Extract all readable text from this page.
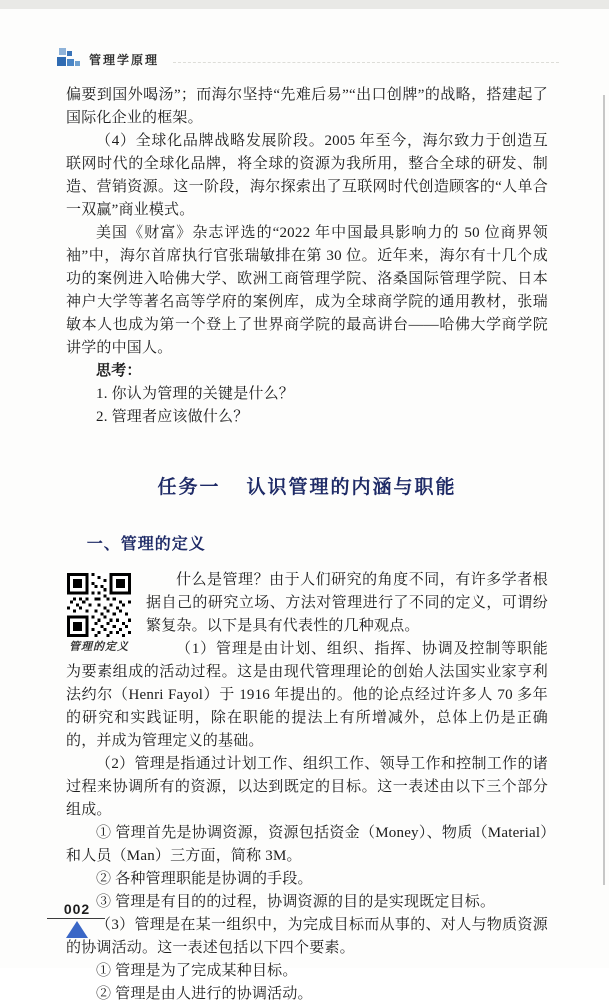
管理学原理

偏要到国外喝汤”；而海尔坚持“先难后易”“出口创牌”的战略，搭建起了国际化企业的框架。

（4）全球化品牌战略发展阶段。2005 年至今，海尔致力于创造互联网时代的全球化品牌，将全球的资源为我所用，整合全球的研发、制造、营销资源。这一阶段，海尔探索出了互联网时代创造顾客的“人单合一双赢”商业模式。

美国《财富》杂志评选的“2022 年中国最具影响力的 50 位商界领袖”中，海尔首席执行官张瑞敏排在第 30 位。近年来，海尔有十几个成功的案例进入哈佛大学、欧洲工商管理学院、洛桑国际管理学院、日本神户大学等著名高等学府的案例库，成为全球商学院的通用教材，张瑞敏本人也成为第一个登上了世界商学院的最高讲台——哈佛大学商学院讲学的中国人。

思考：

1. 你认为管理的关键是什么？

2. 管理者应该做什么？

任务一 认识管理的内涵与职能

一、管理的定义

管理的定义

什么是管理？由于人们研究的角度不同，有许多学者根据自己的研究立场、方法对管理进行了不同的定义，可谓纷繁复杂。以下是具有代表性的几种观点。

（1）管理是由计划、组织、指挥、协调及控制等职能为要素组成的活动过程。这是由现代管理理论的创始人法国实业家亨利法约尔（Henri Fayol）于 1916 年提出的。他的论点经过许多人 70 多年的研究和实践证明，除在职能的提法上有所增减外，总体上仍是正确的，并成为管理定义的基础。

（2）管理是指通过计划工作、组织工作、领导工作和控制工作的诸过程来协调所有的资源，以达到既定的目标。这一表述由以下三个部分组成。

① 管理首先是协调资源，资源包括资金（Money）、物质（Material）和人员（Man）三方面，简称 3M。

② 各种管理职能是协调的手段。

③ 管理是有目的的过程，协调资源的目的是实现既定目标。

（3）管理是在某一组织中，为完成目标而从事的、对人与物质资源的协调活动。这一表述包括以下四个要素。

① 管理是为了完成某种目标。

② 管理是由人进行的协调活动。

002
